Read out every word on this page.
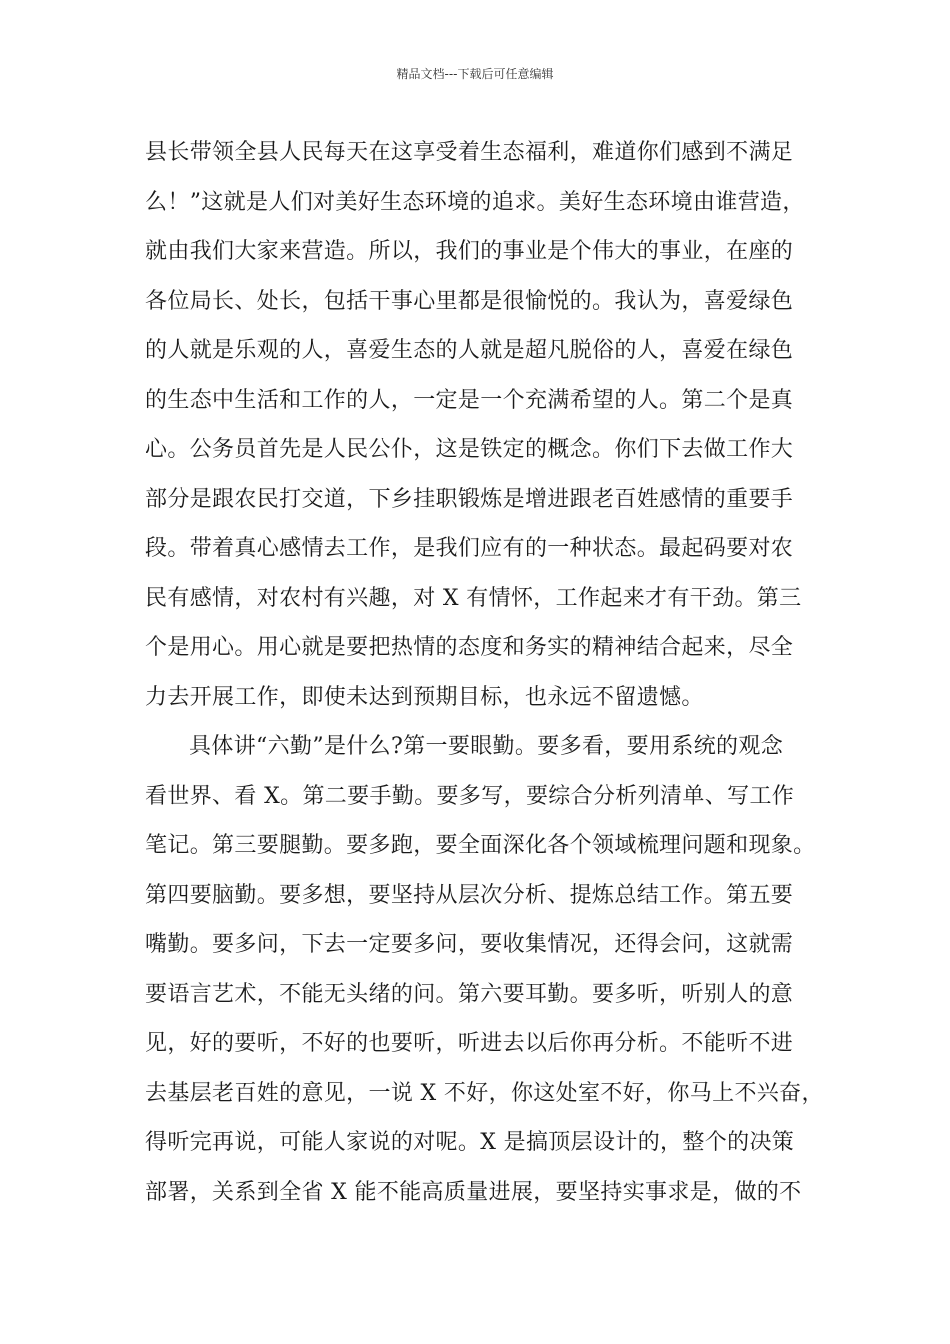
精品文档---下载后可任意编辑
县长带领全县人民每天在这享受着生态福利，难道你们感到不满足
么！”这就是人们对美好生态环境的追求。美好生态环境由谁营造，
就由我们大家来营造。所以，我们的事业是个伟大的事业，在座的
各位局长、处长，包括干事心里都是很愉悦的。我认为，喜爱绿色
的人就是乐观的人，喜爱生态的人就是超凡脱俗的人，喜爱在绿色
的生态中生活和工作的人，一定是一个充满希望的人。第二个是真
心。公务员首先是人民公仆，这是铁定的概念。你们下去做工作大
部分是跟农民打交道，下乡挂职锻炼是增进跟老百姓感情的重要手
段。带着真心感情去工作，是我们应有的一种状态。最起码要对农
民有感情，对农村有兴趣，对 X 有情怀，工作起来才有干劲。第三
个是用心。用心就是要把热情的态度和务实的精神结合起来，尽全
力去开展工作，即使未达到预期目标，也永远不留遗憾。
具体讲“六勤”是什么?第一要眼勤。要多看，要用系统的观念
看世界、看 X。第二要手勤。要多写，要综合分析列清单、写工作
笔记。第三要腿勤。要多跑，要全面深化各个领域梳理问题和现象。
第四要脑勤。要多想，要坚持从层次分析、提炼总结工作。第五要
嘴勤。要多问，下去一定要多问，要收集情况，还得会问，这就需
要语言艺术，不能无头绪的问。第六要耳勤。要多听，听别人的意
见，好的要听，不好的也要听，听进去以后你再分析。不能听不进
去基层老百姓的意见，一说 X 不好，你这处室不好，你马上不兴奋，
得听完再说，可能人家说的对呢。X 是搞顶层设计的，整个的决策
部署，关系到全省 X 能不能高质量进展，要坚持实事求是，做的不
